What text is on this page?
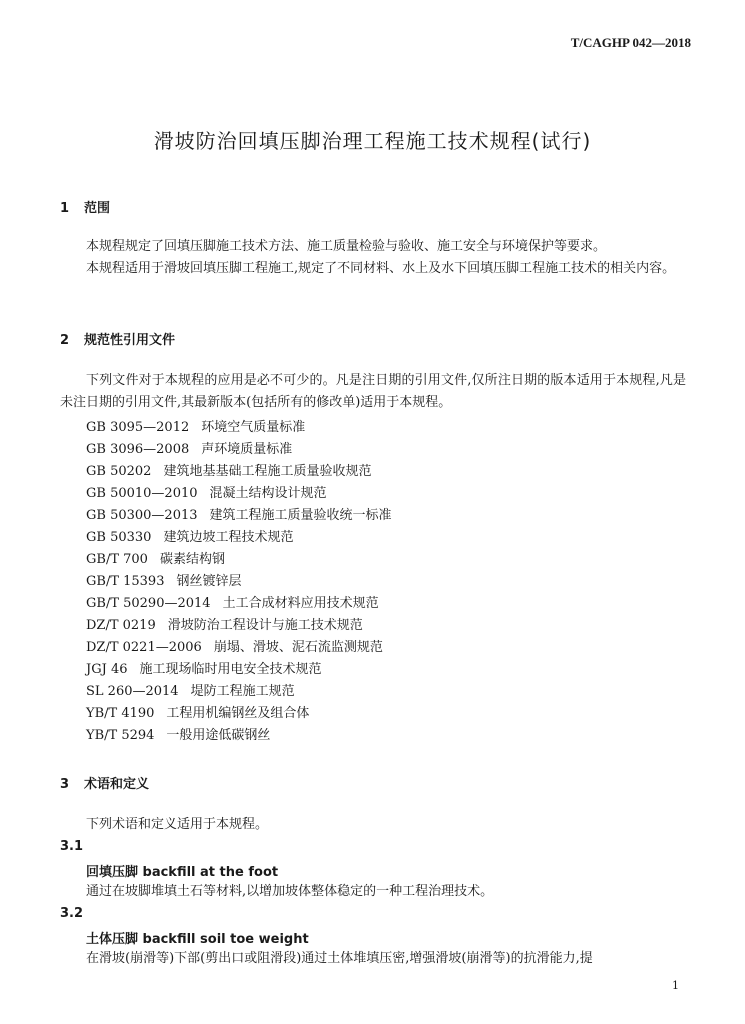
T/CAGHP 042—2018
滑坡防治回填压脚治理工程施工技术规程(试行)
1 范围
本规程规定了回填压脚施工技术方法、施工质量检验与验收、施工安全与环境保护等要求。
本规程适用于滑坡回填压脚工程施工,规定了不同材料、水上及水下回填压脚工程施工技术的相关内容。
2 规范性引用文件
下列文件对于本规程的应用是必不可少的。凡是注日期的引用文件,仅所注日期的版本适用于本规程,凡是未注日期的引用文件,其最新版本(包括所有的修改单)适用于本规程。
GB 3095—2012 环境空气质量标准
GB 3096—2008 声环境质量标准
GB 50202 建筑地基基础工程施工质量验收规范
GB 50010—2010 混凝土结构设计规范
GB 50300—2013 建筑工程施工质量验收统一标准
GB 50330 建筑边坡工程技术规范
GB/T 700 碳素结构钢
GB/T 15393 钢丝镀锌层
GB/T 50290—2014 土工合成材料应用技术规范
DZ/T 0219 滑坡防治工程设计与施工技术规范
DZ/T 0221—2006 崩塌、滑坡、泥石流监测规范
JGJ 46 施工现场临时用电安全技术规范
SL 260—2014 堤防工程施工规范
YB/T 4190 工程用机编钢丝及组合体
YB/T 5294 一般用途低碳钢丝
3 术语和定义
下列术语和定义适用于本规程。
3.1
回填压脚 backfill at the foot
通过在坡脚堆填土石等材料,以增加坡体整体稳定的一种工程治理技术。
3.2
土体压脚 backfill soil toe weight
在滑坡(崩滑等)下部(剪出口或阻滑段)通过土体堆填压密,增强滑坡(崩滑等)的抗滑能力,提
1
